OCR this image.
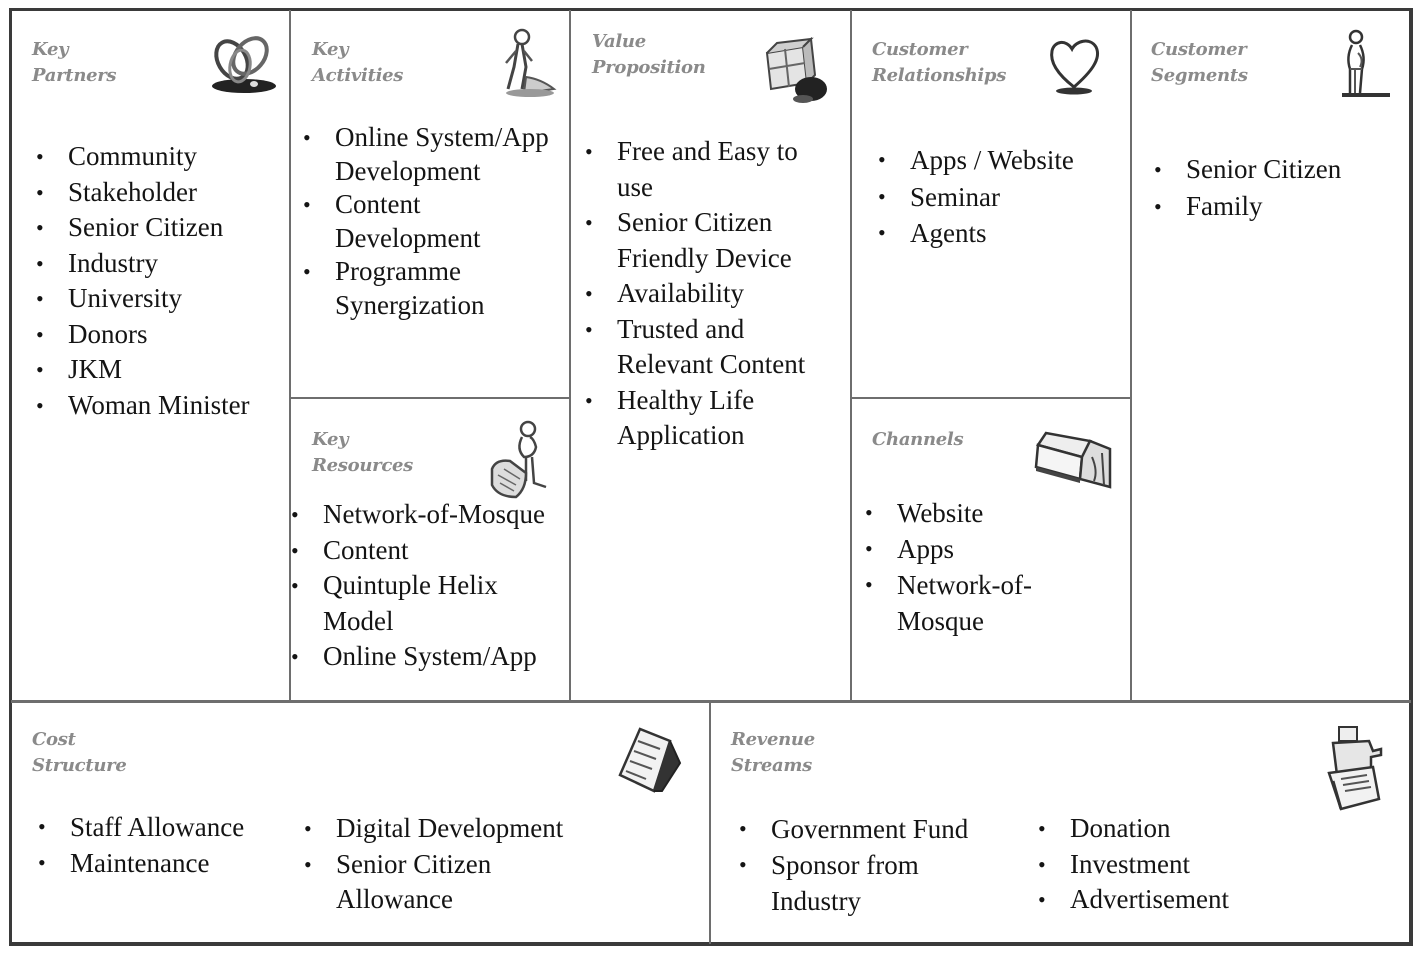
Key
Partners
• Community
• Stakeholder
• Senior Citizen
• Industry
• University
• Donors
• JKM
• Woman Minister
Key
Activities
• Online System/App
Development
• Content
Development
• Programme
Synergization
Key
Resources
• Network-of-Mosque
• Content
• Quintuple Helix
Model
• Online System/App
Value
Proposition
• Free and Easy to
use
• Senior Citizen
Friendly Device
• Availability
• Trusted and
Relevant Content
• Healthy Life
Application
Customer
Relationships
• Apps / Website
• Seminar
• Agents
Channels
• Website
• Apps
• Network-of-
Mosque
Customer
Segments
• Senior Citizen
• Family
Cost
Structure
• Staff Allowance
• Maintenance
• Digital Development
• Senior Citizen
Allowance
Revenue
Streams
• Government Fund
• Sponsor from
Industry
• Donation
• Investment
• Advertisement
